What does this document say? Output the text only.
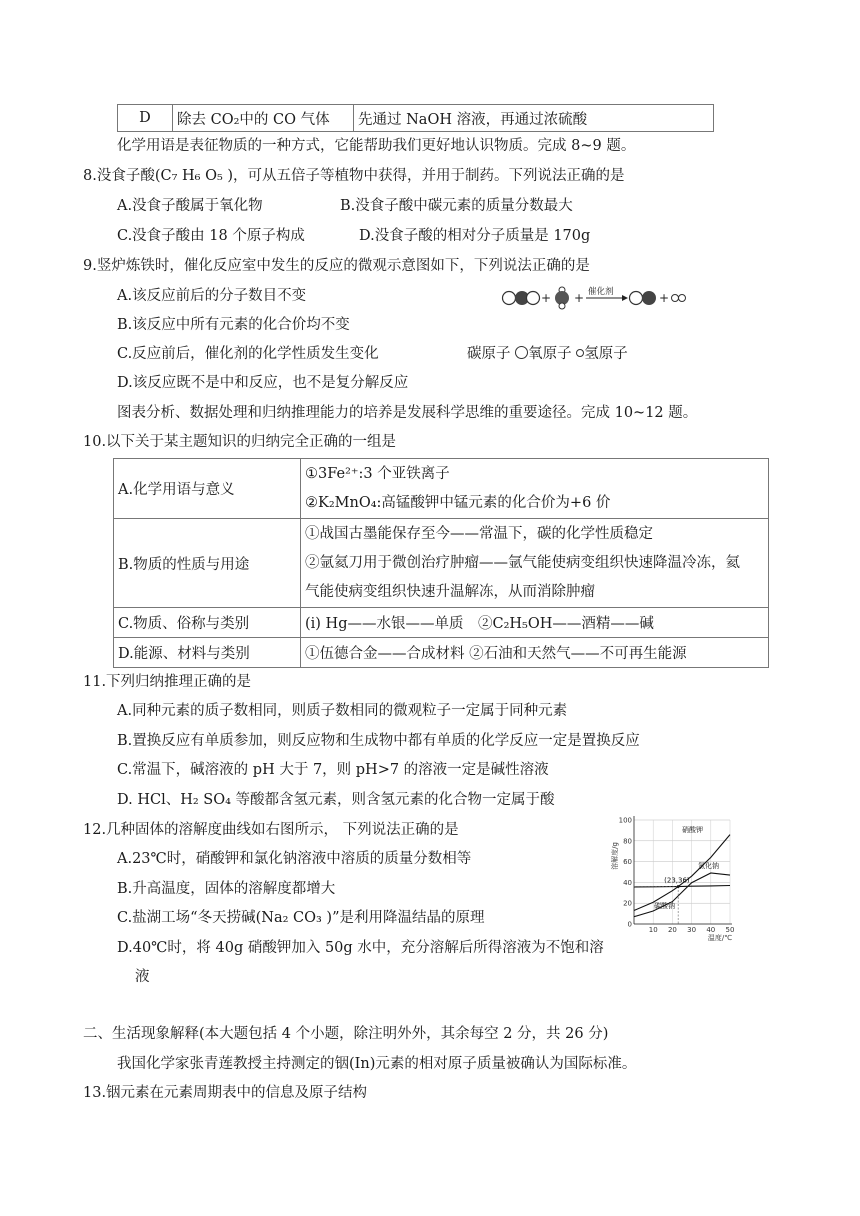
D	除去 CO₂中的 CO 气体	先通过 NaOH 溶液，再通过浓硫酸
化学用语是表征物质的一种方式，它能帮助我们更好地认识物质。完成 8~9 题。
8.没食子酸(C₇ H₆ O₅ )，可从五倍子等植物中获得，并用于制药。下列说法正确的是
A.没食子酸属于氧化物	B.没食子酸中碳元素的质量分数最大
C.没食子酸由 18 个原子构成	D.没食子酸的相对分子质量是 170g
9.竖炉炼铁时，催化反应室中发生的反应的微观示意图如下，下列说法正确的是
A.该反应前后的分子数目不变
B.该反应中所有元素的化合价均不变
C.反应前后，催化剂的化学性质发生变化
D.该反应既不是中和反应，也不是复分解反应
+ + 催化剂	+
碳原子 氧原子 氢原子
图表分析、数据处理和归纳推理能力的培养是发展科学思维的重要途径。完成 10~12 题。
10.以下关于某主题知识的归纳完全正确的一组是
A.化学用语与意义	①3Fe²⁺:3 个亚铁离子
②K₂MnO₄:高锰酸钾中锰元素的化合价为+6 价

B.物质的性质与用途	①战国古墨能保存至今——常温下，碳的化学性质稳定
②氩氦刀用于微创治疗肿瘤——氩气能使病变组织快速降温冷冻，氦
气能使病变组织快速升温解冻，从而消除肿瘤

C.物质、俗称与类别	(i) Hg——水银——单质　②C₂H₅OH——酒精——碱
D.能源、材料与类别	①伍德合金——合成材料 ②石油和天然气——不可再生能源
11.下列归纳推理正确的是
A.同种元素的质子数相同，则质子数相同的微观粒子一定属于同种元素
B.置换反应有单质参加，则反应物和生成物中都有单质的化学反应一定是置换反应
C.常温下，碱溶液的 pH 大于 7，则 pH>7 的溶液一定是碱性溶液
D. HCl、H₂ SO₄ 等酸都含氢元素，则含氢元素的化合物一定属于酸
12.几种固体的溶解度曲线如右图所示， 下列说法正确的是
A.23℃时，硝酸钾和氯化钠溶液中溶质的质量分数相等
B.升高温度，固体的溶解度都增大
C.盐湖工场“冬天捞碱(Na₂ CO₃ )”是利用降温结晶的原理
D.40℃时，将 40g 硝酸钾加入 50g 水中，充分溶解后所得溶液为不饱和溶
液
溶解度/g
温度/℃
0
20
40
60
80
100
10 20 30 40 50
硝酸钾
氯化钠
碳酸钠
(23,36)
二、生活现象解释(本大题包括 4 个小题，除注明外外，其余每空 2 分，共 26 分)
我国化学家张青莲教授主持测定的铟(In)元素的相对原子质量被确认为国际标准。
13.铟元素在元素周期表中的信息及原子结构
